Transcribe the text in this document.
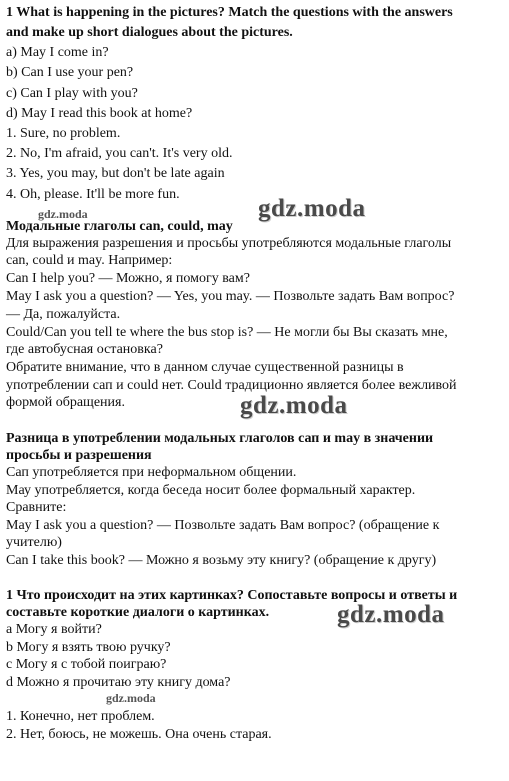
1 What is happening in the pictures? Match the questions with the answers
and make up short dialogues about the pictures.
a) May I come in?
b) Can I use your pen?
c) Can I play with you?
d) May I read this book at home?
1. Sure, no problem.
2. No, I'm afraid, you can't. It's very old.
3. Yes, you may, but don't be late again
4. Oh, please. It'll be more fun.
Модальные глаголы can, could, may
Для выражения разрешения и просьбы употребляются модальные глаголы
can, could и may. Например:
Can I help you? — Можно, я помогу вам?
May I ask you a question? — Yes, you may. — Позвольте задать Вам вопрос?
— Да, пожалуйста.
Could/Can you tell te where the bus stop is? — Не могли бы Вы сказать мне,
где автобусная остановка?
Обратите внимание, что в данном случае существенной разницы в
употреблении сап и could нет. Could традиционно является более вежливой
формой обращения.
Разница в употреблении модальных глаголов сап и may в значении
просьбы и разрешения
Сап употребляется при неформальном общении.
Мау употребляется, когда беседа носит более формальный характер.
Сравните:
May I ask you a question? — Позвольте задать Вам вопрос? (обращение к
учителю)
Can I take this book? — Можно я возьму эту книгу? (обращение к другу)
1 Что происходит на этих картинках? Сопоставьте вопросы и ответы и
составьте короткие диалоги о картинках.
а Могу я войти?
b Могу я взять твою ручку?
с Могу я с тобой поиграю?
d Можно я прочитаю эту книгу дома?
1. Конечно, нет проблем.
2. Нет, боюсь, не можешь. Она очень старая.
gdz.moda
gdz.moda
gdz.moda
gdz.moda
gdz.moda
